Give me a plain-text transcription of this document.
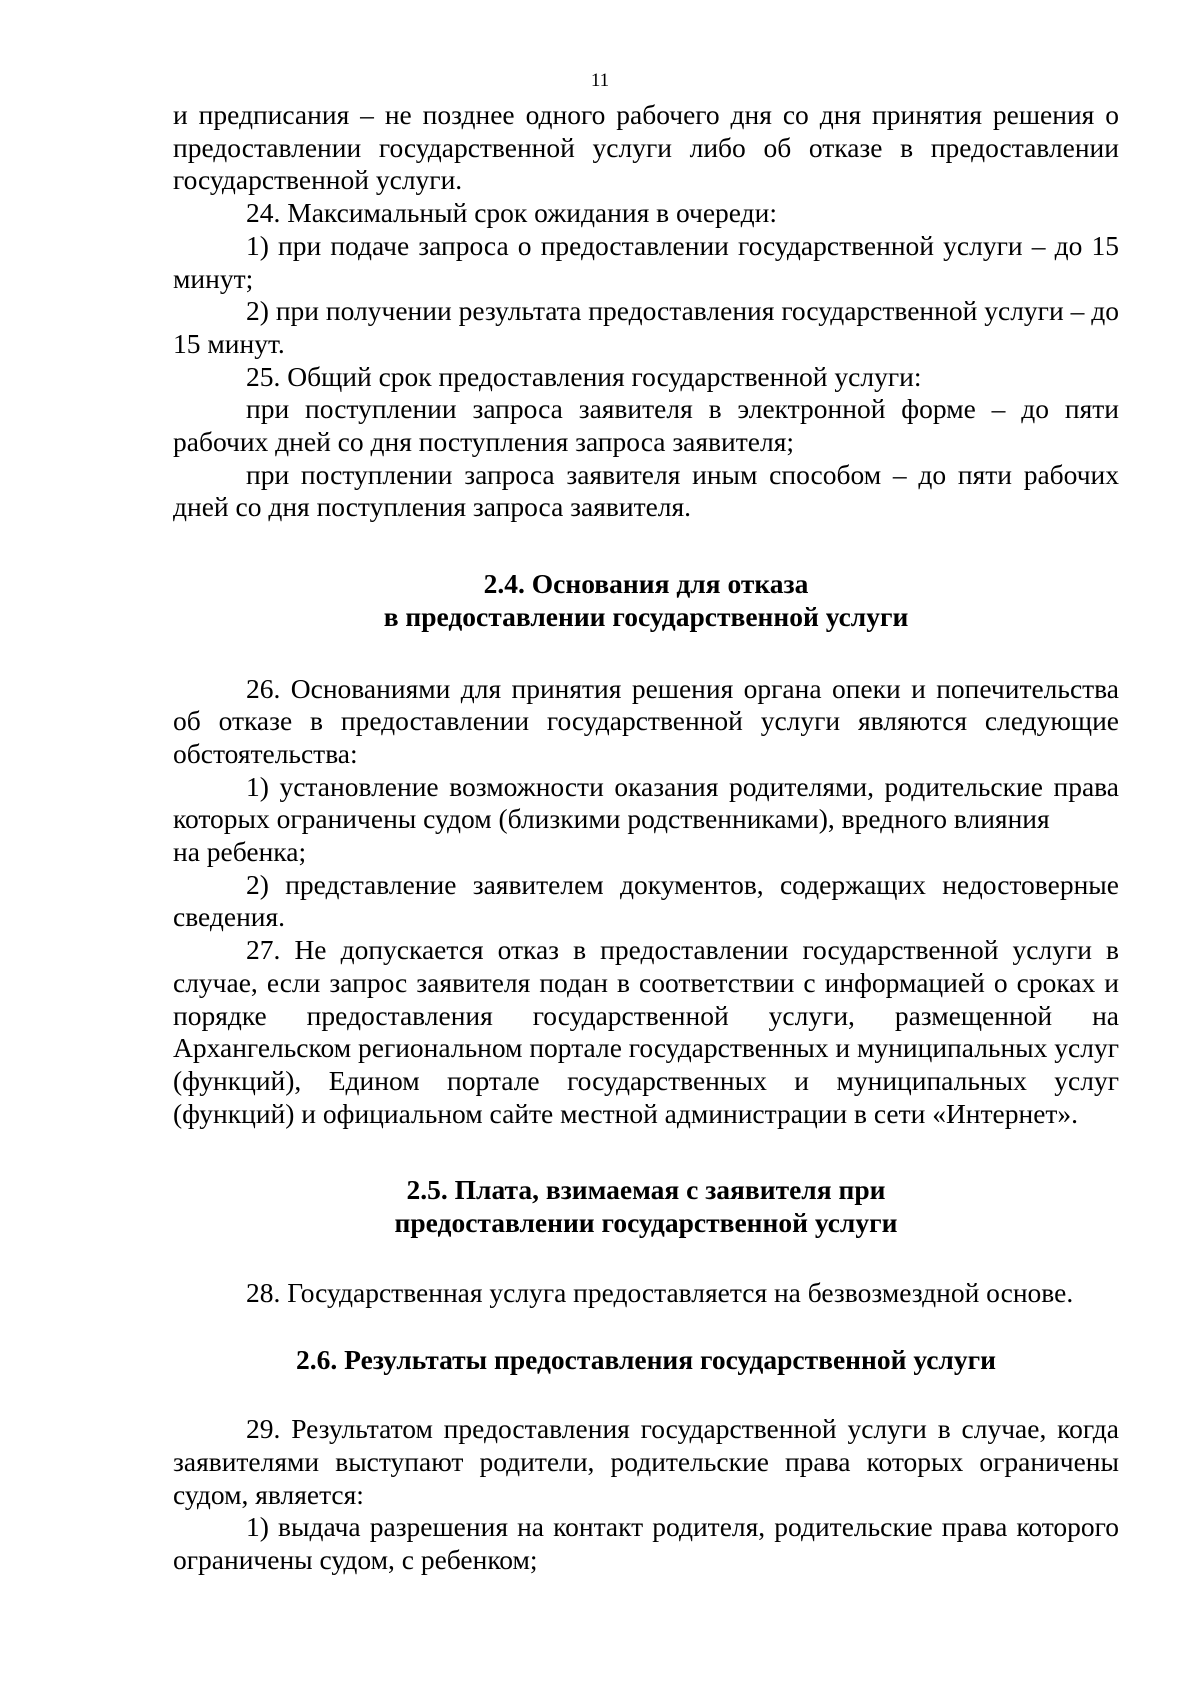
11

и предписания – не позднее одного рабочего дня со дня принятия решения о предоставлении государственной услуги либо об отказе в предоставлении государственной услуги.

24. Максимальный срок ожидания в очереди:

1) при подаче запроса о предоставлении государственной услуги – до 15 минут;

2) при получении результата предоставления государственной услуги – до 15 минут.

25. Общий срок предоставления государственной услуги:

при поступлении запроса заявителя в электронной форме – до пяти рабочих дней со дня поступления запроса заявителя;

при поступлении запроса заявителя иным способом – до пяти рабочих дней со дня поступления запроса заявителя.

2.4. Основания для отказа

в предоставлении государственной услуги

26. Основаниями для принятия решения органа опеки и попечительства об отказе в предоставлении государственной услуги являются следующие обстоятельства:

1) установление возможности оказания родителями, родительские права которых ограничены судом (близкими родственниками), вредного влияния

на ребенка;

2) представление заявителем документов, содержащих недостоверные сведения.

27. Не допускается отказ в предоставлении государственной услуги в случае, если запрос заявителя подан в соответствии с информацией о сроках и порядке предоставления государственной услуги, размещенной на Архангельском региональном портале государственных и муниципальных услуг (функций), Едином портале государственных и муниципальных услуг (функций) и официальном сайте местной администрации в сети «Интернет».

2.5. Плата, взимаемая с заявителя при

предоставлении государственной услуги

28. Государственная услуга предоставляется на безвозмездной основе.

2.6. Результаты предоставления государственной услуги

29. Результатом предоставления государственной услуги в случае, когда заявителями выступают родители, родительские права которых ограничены судом, является:

1) выдача разрешения на контакт родителя, родительские права которого ограничены судом, с ребенком;
